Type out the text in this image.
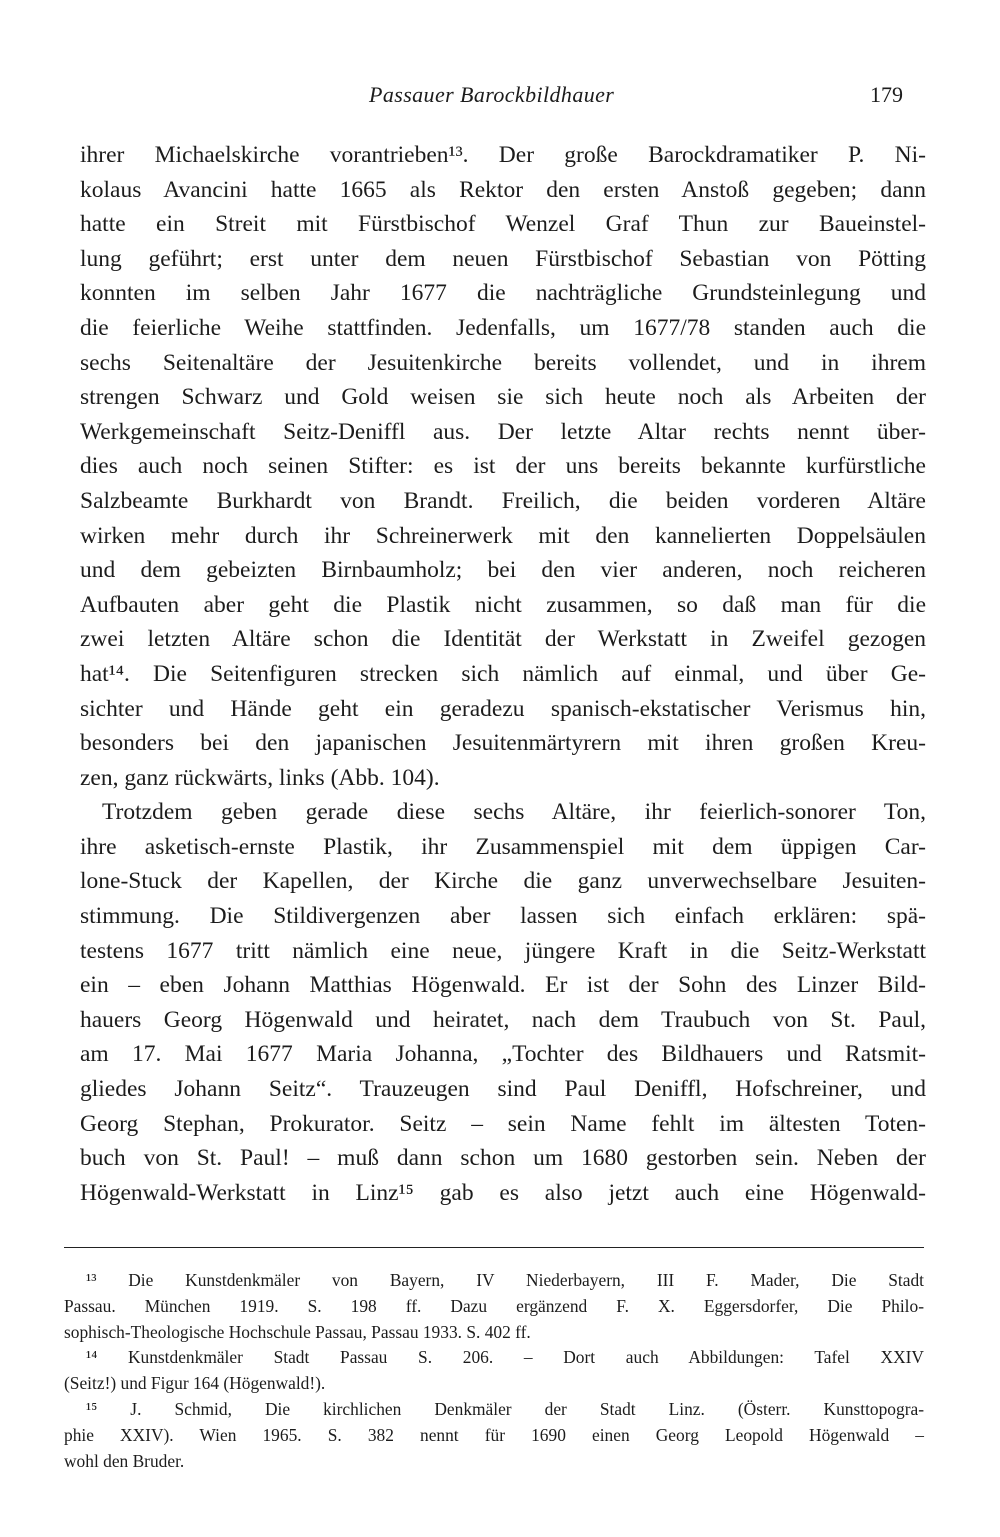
Passauer Barockbildhauer	179
ihrer Michaelskirche vorantrieben¹³. Der große Barockdramatiker P. Ni-
kolaus Avancini hatte 1665 als Rektor den ersten Anstoß gegeben; dann
hatte ein Streit mit Fürstbischof Wenzel Graf Thun zur Baueinstel-
lung geführt; erst unter dem neuen Fürstbischof Sebastian von Pötting
konnten im selben Jahr 1677 die nachträgliche Grundsteinlegung und
die feierliche Weihe stattfinden. Jedenfalls, um 1677/78 standen auch die
sechs Seitenaltäre der Jesuitenkirche bereits vollendet, und in ihrem
strengen Schwarz und Gold weisen sie sich heute noch als Arbeiten der
Werkgemeinschaft Seitz-Deniffl aus. Der letzte Altar rechts nennt über-
dies auch noch seinen Stifter: es ist der uns bereits bekannte kurfürstliche
Salzbeamte Burkhardt von Brandt. Freilich, die beiden vorderen Altäre
wirken mehr durch ihr Schreinerwerk mit den kannelierten Doppelsäulen
und dem gebeizten Birnbaumholz; bei den vier anderen, noch reicheren
Aufbauten aber geht die Plastik nicht zusammen, so daß man für die
zwei letzten Altäre schon die Identität der Werkstatt in Zweifel gezogen
hat¹⁴. Die Seitenfiguren strecken sich nämlich auf einmal, und über Ge-
sichter und Hände geht ein geradezu spanisch-ekstatischer Verismus hin,
besonders bei den japanischen Jesuitenmärtyrern mit ihren großen Kreu-
zen, ganz rückwärts, links (Abb. 104).
Trotzdem geben gerade diese sechs Altäre, ihr feierlich-sonorer Ton,
ihre asketisch-ernste Plastik, ihr Zusammenspiel mit dem üppigen Car-
lone-Stuck der Kapellen, der Kirche die ganz unverwechselbare Jesuiten-
stimmung. Die Stildivergenzen aber lassen sich einfach erklären: spä-
testens 1677 tritt nämlich eine neue, jüngere Kraft in die Seitz-Werkstatt
ein – eben Johann Matthias Högenwald. Er ist der Sohn des Linzer Bild-
hauers Georg Högenwald und heiratet, nach dem Traubuch von St. Paul,
am 17. Mai 1677 Maria Johanna, „Tochter des Bildhauers und Ratsmit-
gliedes Johann Seitz“. Trauzeugen sind Paul Deniffl, Hofschreiner, und
Georg Stephan, Prokurator. Seitz – sein Name fehlt im ältesten Toten-
buch von St. Paul! – muß dann schon um 1680 gestorben sein. Neben der
Högenwald-Werkstatt in Linz¹⁵ gab es also jetzt auch eine Högenwald-
¹³ Die Kunstdenkmäler von Bayern, IV Niederbayern, III F. Mader, Die Stadt
Passau. München 1919. S. 198 ff. Dazu ergänzend F. X. Eggersdorfer, Die Philo-
sophisch-Theologische Hochschule Passau, Passau 1933. S. 402 ff.
¹⁴ Kunstdenkmäler Stadt Passau S. 206. – Dort auch Abbildungen: Tafel XXIV
(Seitz!) und Figur 164 (Högenwald!).
¹⁵ J. Schmid, Die kirchlichen Denkmäler der Stadt Linz. (Österr. Kunsttopogra-
phie XXIV). Wien 1965. S. 382 nennt für 1690 einen Georg Leopold Högenwald –
wohl den Bruder.
